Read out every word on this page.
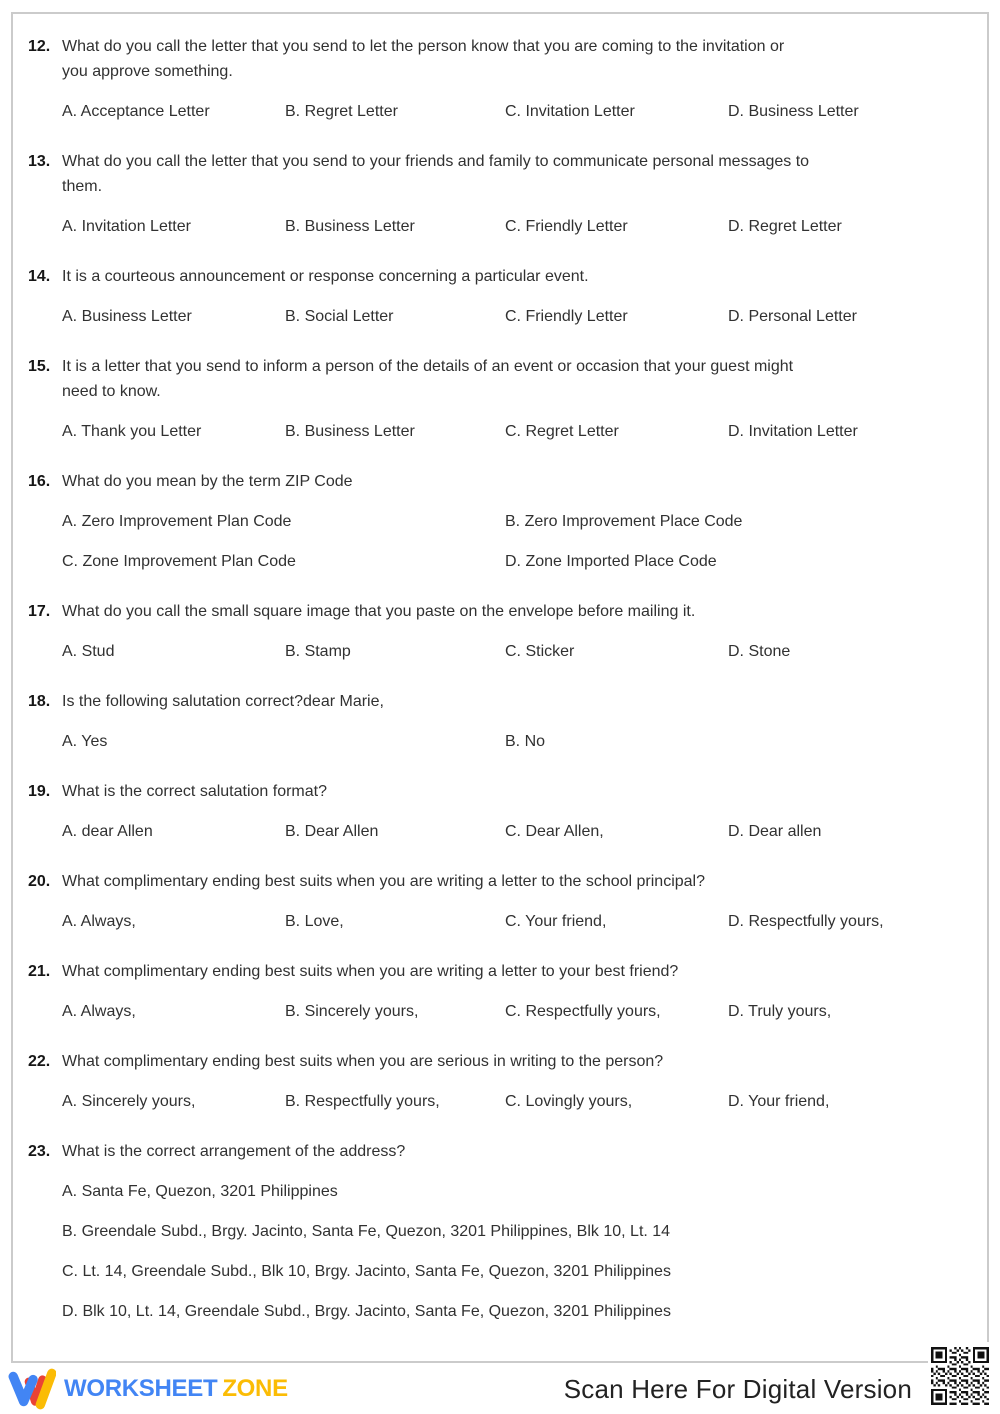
12. What do you call the letter that you send to let the person know that you are coming to the invitation or you approve something.
A. Acceptance Letter	B. Regret Letter	C. Invitation Letter	D. Business Letter
13. What do you call the letter that you send to your friends and family to communicate personal messages to them.
A. Invitation Letter	B. Business Letter	C. Friendly Letter	D. Regret Letter
14. It is a courteous announcement or response concerning a particular event.
A. Business Letter	B. Social Letter	C. Friendly Letter	D. Personal Letter
15. It is a letter that you send to inform a person of the details of an event or occasion that your guest might need to know.
A. Thank you Letter	B. Business Letter	C. Regret Letter	D. Invitation Letter
16. What do you mean by the term ZIP Code
A. Zero Improvement Plan Code	B. Zero Improvement Place Code
C. Zone Improvement Plan Code	D. Zone Imported Place Code
17. What do you call the small square image that you paste on the envelope before mailing it.
A. Stud	B. Stamp	C. Sticker	D. Stone
18. Is the following salutation correct?dear Marie,
A. Yes	B. No
19. What is the correct salutation format?
A. dear Allen	B. Dear Allen	C. Dear Allen,	D. Dear allen
20. What complimentary ending best suits when you are writing a letter to the school principal?
A. Always,	B. Love,	C. Your friend,	D. Respectfully yours,
21. What complimentary ending best suits when you are writing a letter to your best friend?
A. Always,	B. Sincerely yours,	C. Respectfully yours,	D. Truly yours,
22. What complimentary ending best suits when you are serious in writing to the person?
A. Sincerely yours,	B. Respectfully yours,	C. Lovingly yours,	D. Your friend,
23. What is the correct arrangement of the address?
A. Santa Fe, Quezon, 3201 Philippines
B. Greendale Subd., Brgy. Jacinto, Santa Fe, Quezon, 3201 Philippines, Blk 10, Lt. 14
C. Lt. 14, Greendale Subd., Blk 10, Brgy. Jacinto, Santa Fe, Quezon, 3201 Philippines
D. Blk 10, Lt. 14, Greendale Subd., Brgy. Jacinto, Santa Fe, Quezon, 3201 Philippines
WORKSHEET ZONE	Scan Here For Digital Version
